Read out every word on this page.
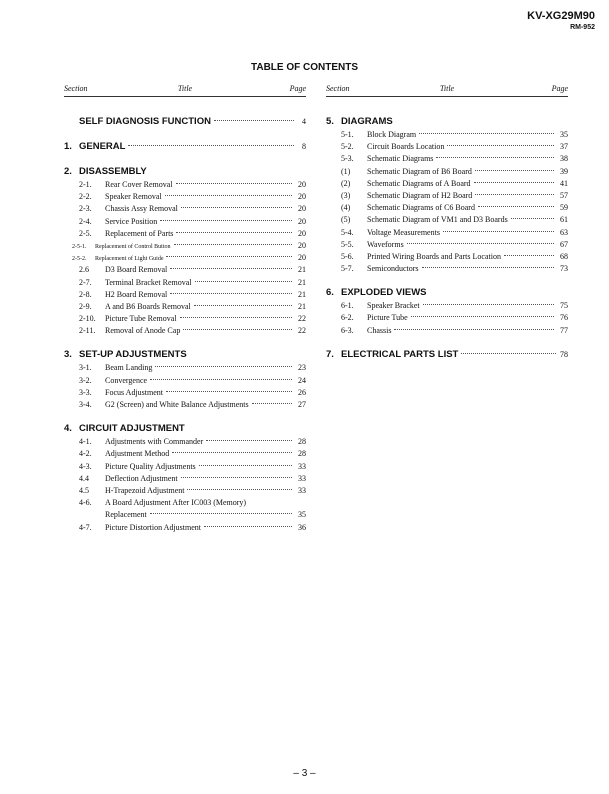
KV-XG29M90
RM-952
TABLE OF CONTENTS
Title
Section	Page
SELF DIAGNOSIS FUNCTION	4
1. GENERAL	8
2. DISASSEMBLY
2-1.	Rear Cover Removal	20
2-2.	Speaker Removal	20
2-3.	Chassis Assy Removal	20
2-4.	Service Position	20
2-5.	Replacement of Parts	20
2-5-1.	Replacement of Control Button	20
2-5-2.	Replacement of Light Guide	20
2.6	D3 Board Removal	21
2-7.	Terminal Bracket Removal	21
2-8.	H2 Board Removal	21
2-9.	A and B6 Boards Removal	21
2-10.	Picture Tube Removal	22
2-11.	Removal of Anode Cap	22
3. SET-UP ADJUSTMENTS
3-1.	Beam Landing	23
3-2.	Convergence	24
3-3.	Focus Adjustment	26
3-4.	G2 (Screen) and White Balance Adjustments	27
4. CIRCUIT ADJUSTMENT
4-1.	Adjustments with Commander	28
4-2.	Adjustment Method	28
4-3.	Picture Quality Adjustments	33
4.4	Deflection Adjustment	33
4.5	H-Trapezoid Adjustment	33
4-6.	A Board Adjustment After IC003 (Memory)
Replacement	35
4-7.	Picture Distortion Adjustment	36
Title
Section	Page
5. DIAGRAMS
5-1.	Block Diagram	35
5-2.	Circuit Boards Location	37
5-3.	Schematic Diagrams	38
(1)	Schematic Diagram of B6 Board	39
(2)	Schematic Diagrams of A Board	41
(3)	Schematic Diagram of H2 Board	57
(4)	Schematic Diagrams of C6 Board	59
(5)	Schematic Diagram of VM1 and D3 Boards	61
5-4.	Voltage Measurements	63
5-5.	Waveforms	67
5-6.	Printed Wiring Boards and Parts Location	68
5-7.	Semiconductors	73
6. EXPLODED VIEWS
6-1.	Speaker Bracket	75
6-2.	Picture Tube	76
6-3.	Chassis	77
7. ELECTRICAL PARTS LIST	78
– 3 –
